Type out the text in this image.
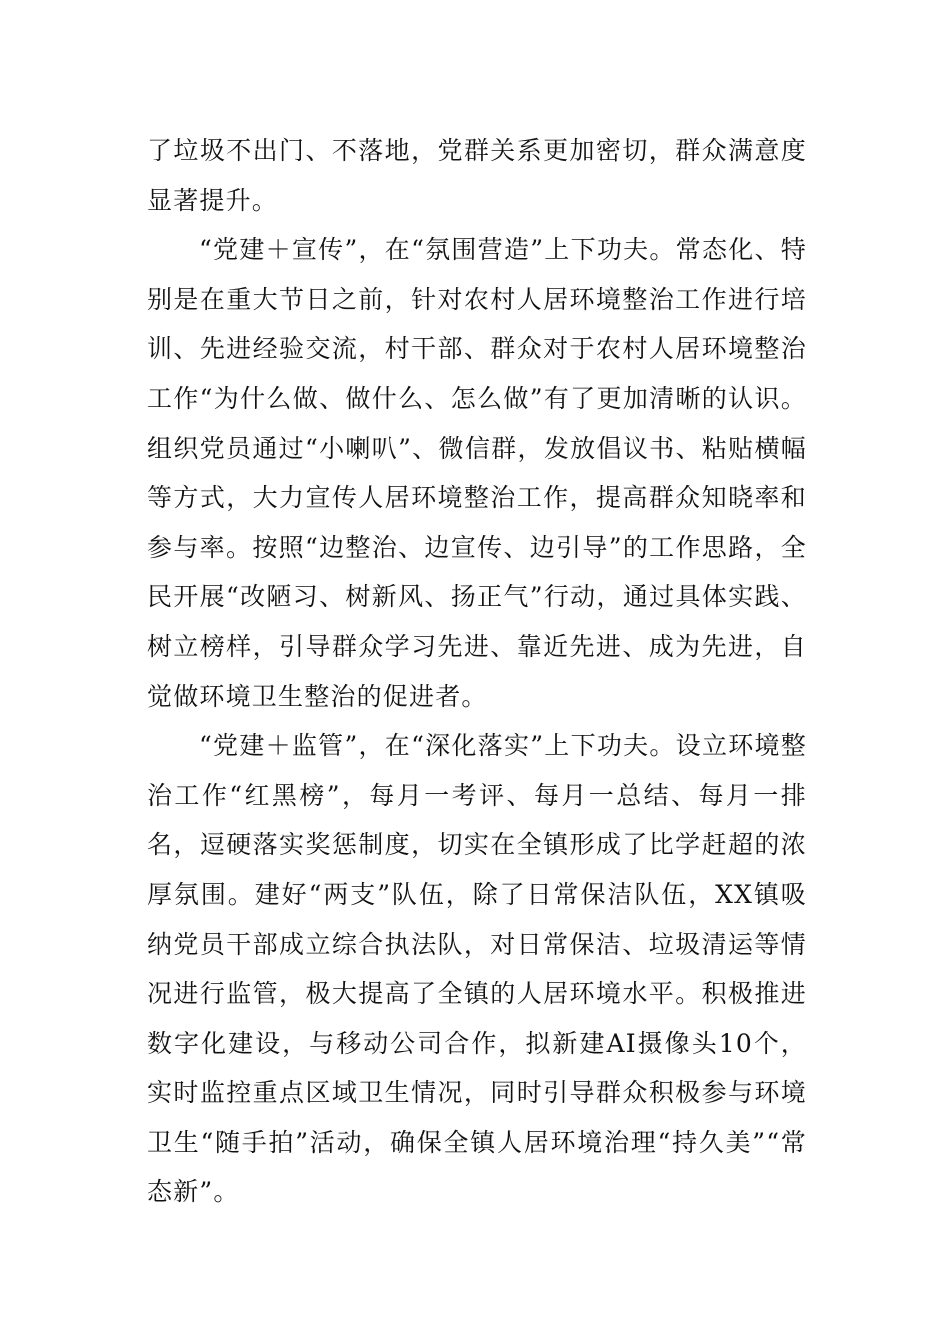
了垃圾不出门、不落地，党群关系更加密切，群众满意度显著提升。

“党建＋宣传”，在“氛围营造”上下功夫。常态化、特别是在重大节日之前，针对农村人居环境整治工作进行培训、先进经验交流，村干部、群众对于农村人居环境整治工作“为什么做、做什么、怎么做”有了更加清晰的认识。组织党员通过“小喇叭”、微信群，发放倡议书、粘贴横幅等方式，大力宣传人居环境整治工作，提高群众知晓率和参与率。按照“边整治、边宣传、边引导”的工作思路，全民开展“改陋习、树新风、扬正气”行动，通过具体实践、树立榜样，引导群众学习先进、靠近先进、成为先进，自觉做环境卫生整治的促进者。

“党建＋监管”，在“深化落实”上下功夫。设立环境整治工作“红黑榜”，每月一考评、每月一总结、每月一排名，逗硬落实奖惩制度，切实在全镇形成了比学赶超的浓厚氛围。建好“两支”队伍，除了日常保洁队伍，XX镇吸纳党员干部成立综合执法队，对日常保洁、垃圾清运等情况进行监管，极大提高了全镇的人居环境水平。积极推进数字化建设，与移动公司合作，拟新建AI摄像头10个，实时监控重点区域卫生情况，同时引导群众积极参与环境卫生“随手拍”活动，确保全镇人居环境治理“持久美”“常态新”。
